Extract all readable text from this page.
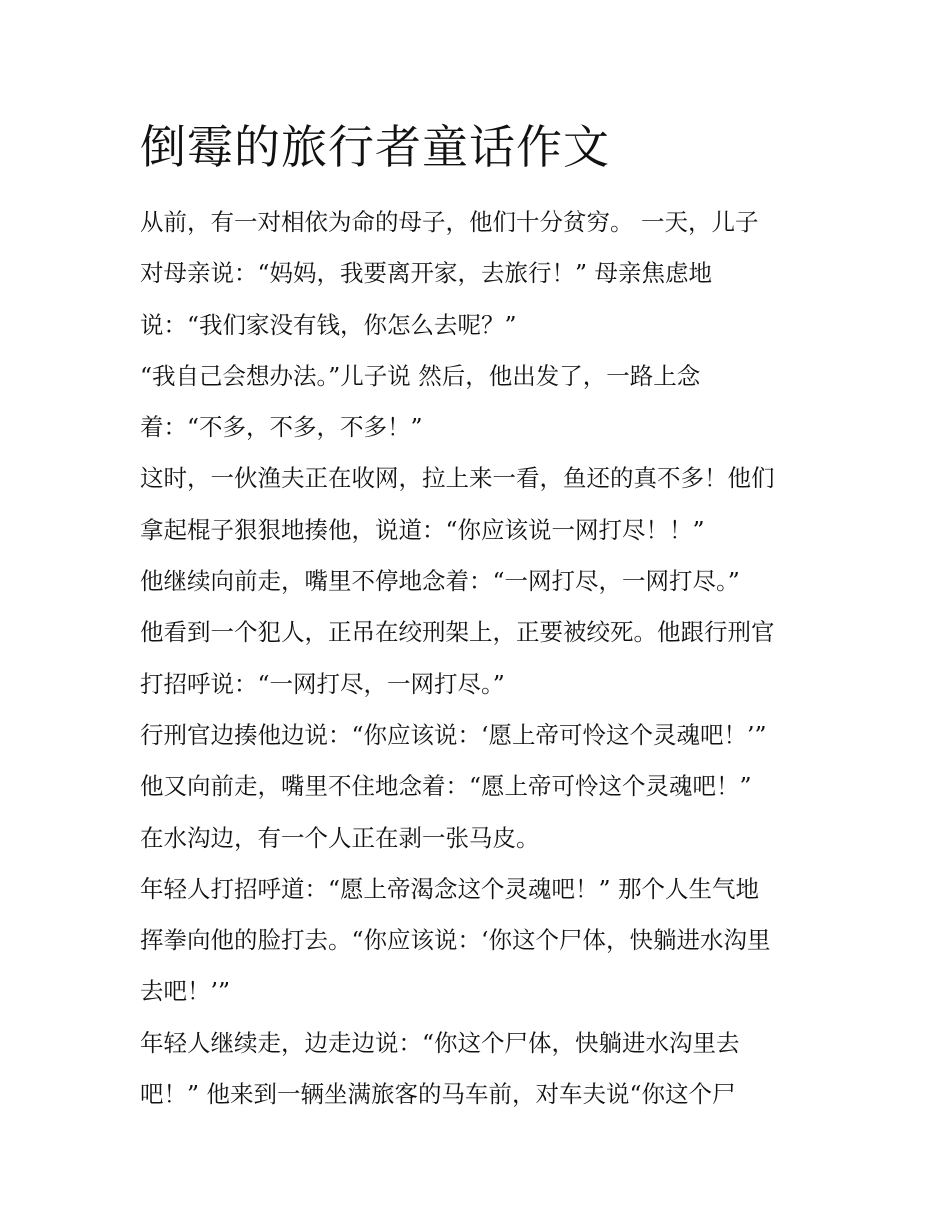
倒霉的旅行者童话作文
从前，有一对相依为命的母子，他们十分贫穷。 一天，儿子
对母亲说：“妈妈，我要离开家，去旅行！” 母亲焦虑地
说：“我们家没有钱，你怎么去呢？”
“我自己会想办法。”儿子说 然后，他出发了，一路上念
着：“不多，不多，不多！”
这时，一伙渔夫正在收网，拉上来一看，鱼还的真不多！他们
拿起棍子狠狠地揍他，说道：“你应该说一网打尽！！”
他继续向前走，嘴里不停地念着：“一网打尽，一网打尽。”
他看到一个犯人，正吊在绞刑架上，正要被绞死。他跟行刑官
打招呼说：“一网打尽，一网打尽。”
行刑官边揍他边说：“你应该说：‘愿上帝可怜这个灵魂吧！’”
他又向前走，嘴里不住地念着：“愿上帝可怜这个灵魂吧！”
在水沟边，有一个人正在剥一张马皮。
年轻人打招呼道：“愿上帝渴念这个灵魂吧！” 那个人生气地
挥拳向他的脸打去。“你应该说：‘你这个尸体，快躺进水沟里
去吧！’”
年轻人继续走，边走边说：“你这个尸体，快躺进水沟里去
吧！” 他来到一辆坐满旅客的马车前，对车夫说“你这个尸
